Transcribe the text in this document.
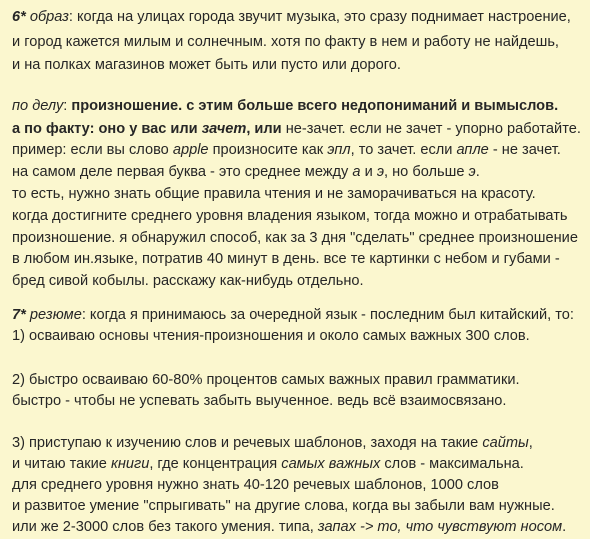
6* образ: когда на улицах города звучит музыка, это сразу поднимает настроение,
и город кажется милым и солнечным. хотя по факту в нем и работу не найдешь,
и на полках магазинов может быть или пусто или дорого.
по делу: произношение. с этим больше всего недопониманий и вымыслов.
а по факту: оно у вас или зачет, или не-зачет. если не зачет - упорно работайте.
пример: если вы слово apple произносите как эпл, то зачет. если апле - не зачет.
на самом деле первая буква - это среднее между а и э, но больше э.
то есть, нужно знать общие правила чтения и не заморачиваться на красоту.
когда достигните среднего уровня владения языком, тогда можно и отрабатывать
произношение. я обнаружил способ, как за 3 дня "сделать" среднее произношение
в любом ин.языке, потратив 40 минут в день. все те картинки с небом и губами -
бред сивой кобылы. расскажу как-нибудь отдельно.
7* резюме: когда я принимаюсь за очередной язык - последним был китайский, то:
1) осваиваю основы чтения-произношения и около самых важных 300 слов.
2) быстро осваиваю 60-80% процентов самых важных правил грамматики.
быстро - чтобы не успевать забыть выученное. ведь всё взаимосвязано.
3) приступаю к изучению слов и речевых шаблонов, заходя на такие сайты,
и читаю такие книги, где концентрация самых важных слов - максимальна.
для среднего уровня нужно знать 40-120 речевых шаблонов, 1000 слов
и развитое умение "спрыгивать" на другие слова, когда вы забыли вам нужные.
или же 2-3000 слов без такого умения. типа, запах -> то, что чувствуют носом.
